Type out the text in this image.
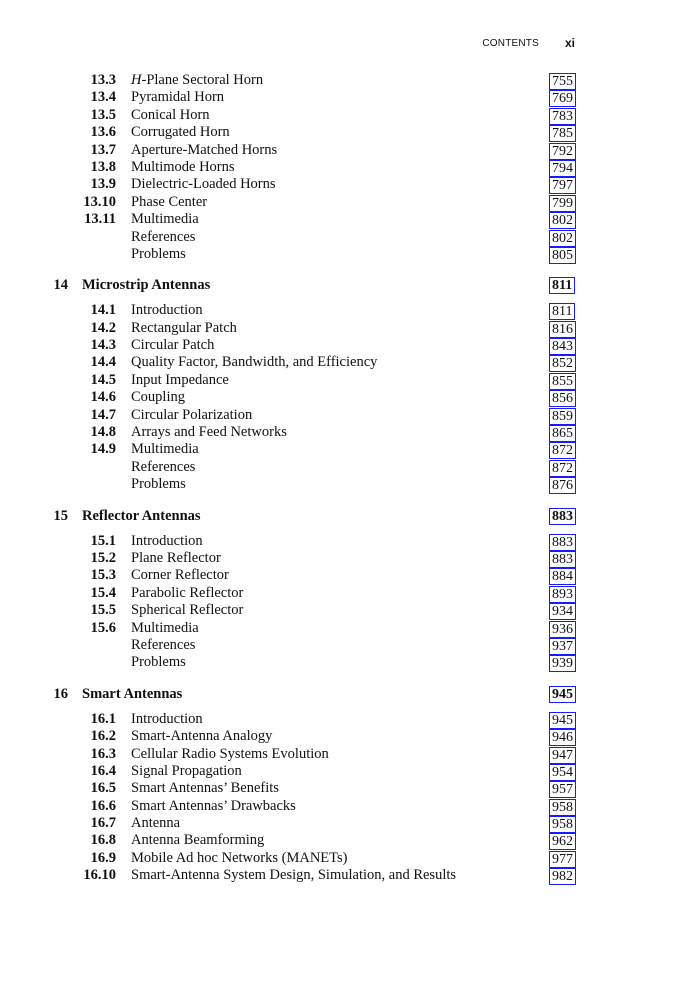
CONTENTS xi
13.3 H-Plane Sectoral Horn	755
13.4 Pyramidal Horn	769
13.5 Conical Horn	783
13.6 Corrugated Horn	785
13.7 Aperture-Matched Horns	792
13.8 Multimode Horns	794
13.9 Dielectric-Loaded Horns	797
13.10 Phase Center	799
13.11 Multimedia	802
References	802
Problems	805
14 Microstrip Antennas	811
14.1 Introduction	811
14.2 Rectangular Patch	816
14.3 Circular Patch	843
14.4 Quality Factor, Bandwidth, and Efficiency	852
14.5 Input Impedance	855
14.6 Coupling	856
14.7 Circular Polarization	859
14.8 Arrays and Feed Networks	865
14.9 Multimedia	872
References	872
Problems	876
15 Reflector Antennas	883
15.1 Introduction	883
15.2 Plane Reflector	883
15.3 Corner Reflector	884
15.4 Parabolic Reflector	893
15.5 Spherical Reflector	934
15.6 Multimedia	936
References	937
Problems	939
16 Smart Antennas	945
16.1 Introduction	945
16.2 Smart-Antenna Analogy	946
16.3 Cellular Radio Systems Evolution	947
16.4 Signal Propagation	954
16.5 Smart Antennas’ Benefits	957
16.6 Smart Antennas’ Drawbacks	958
16.7 Antenna	958
16.8 Antenna Beamforming	962
16.9 Mobile Ad hoc Networks (MANETs)	977
16.10 Smart-Antenna System Design, Simulation, and Results	982
